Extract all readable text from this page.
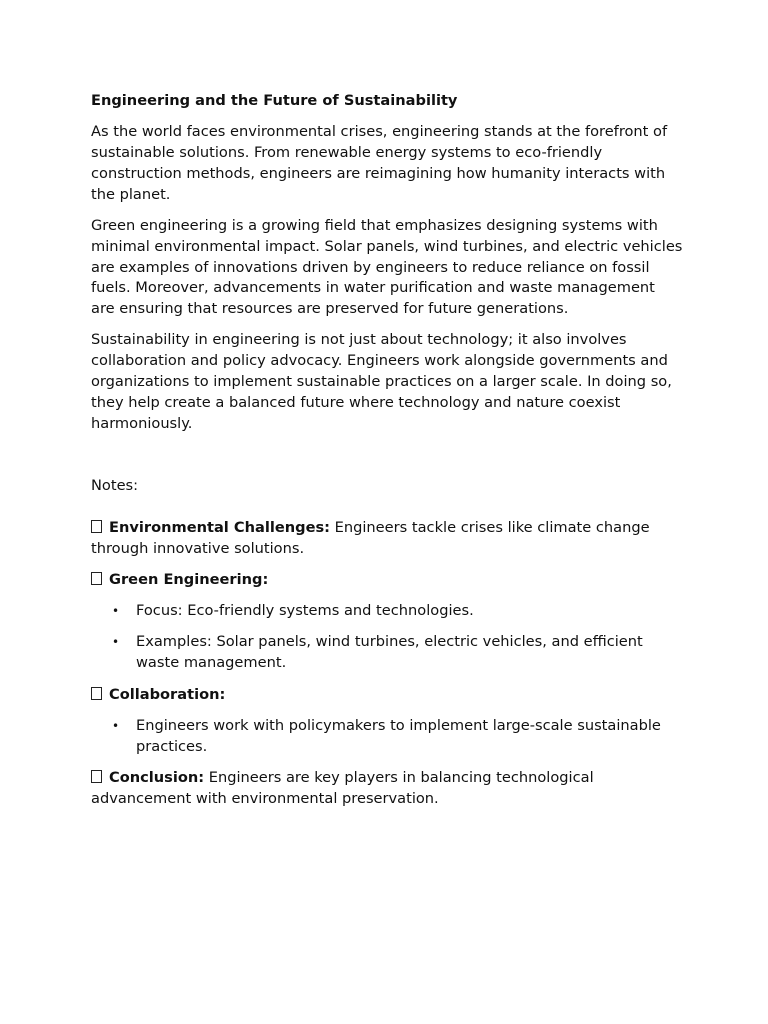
Engineering and the Future of Sustainability

As the world faces environmental crises, engineering stands at the forefront of sustainable solutions. From renewable energy systems to eco-friendly construction methods, engineers are reimagining how humanity interacts with the planet.

Green engineering is a growing field that emphasizes designing systems with minimal environmental impact. Solar panels, wind turbines, and electric vehicles are examples of innovations driven by engineers to reduce reliance on fossil fuels. Moreover, advancements in water purification and waste management are ensuring that resources are preserved for future generations.

Sustainability in engineering is not just about technology; it also involves collaboration and policy advocacy. Engineers work alongside governments and organizations to implement sustainable practices on a larger scale. In doing so, they help create a balanced future where technology and nature coexist harmoniously.

Notes:
Environmental Challenges: Engineers tackle crises like climate change through innovative solutions.
Green Engineering:
• Focus: Eco-friendly systems and technologies.
• Examples: Solar panels, wind turbines, electric vehicles, and efficient waste management.
Collaboration:
• Engineers work with policymakers to implement large-scale sustainable practices.
Conclusion: Engineers are key players in balancing technological advancement with environmental preservation.
